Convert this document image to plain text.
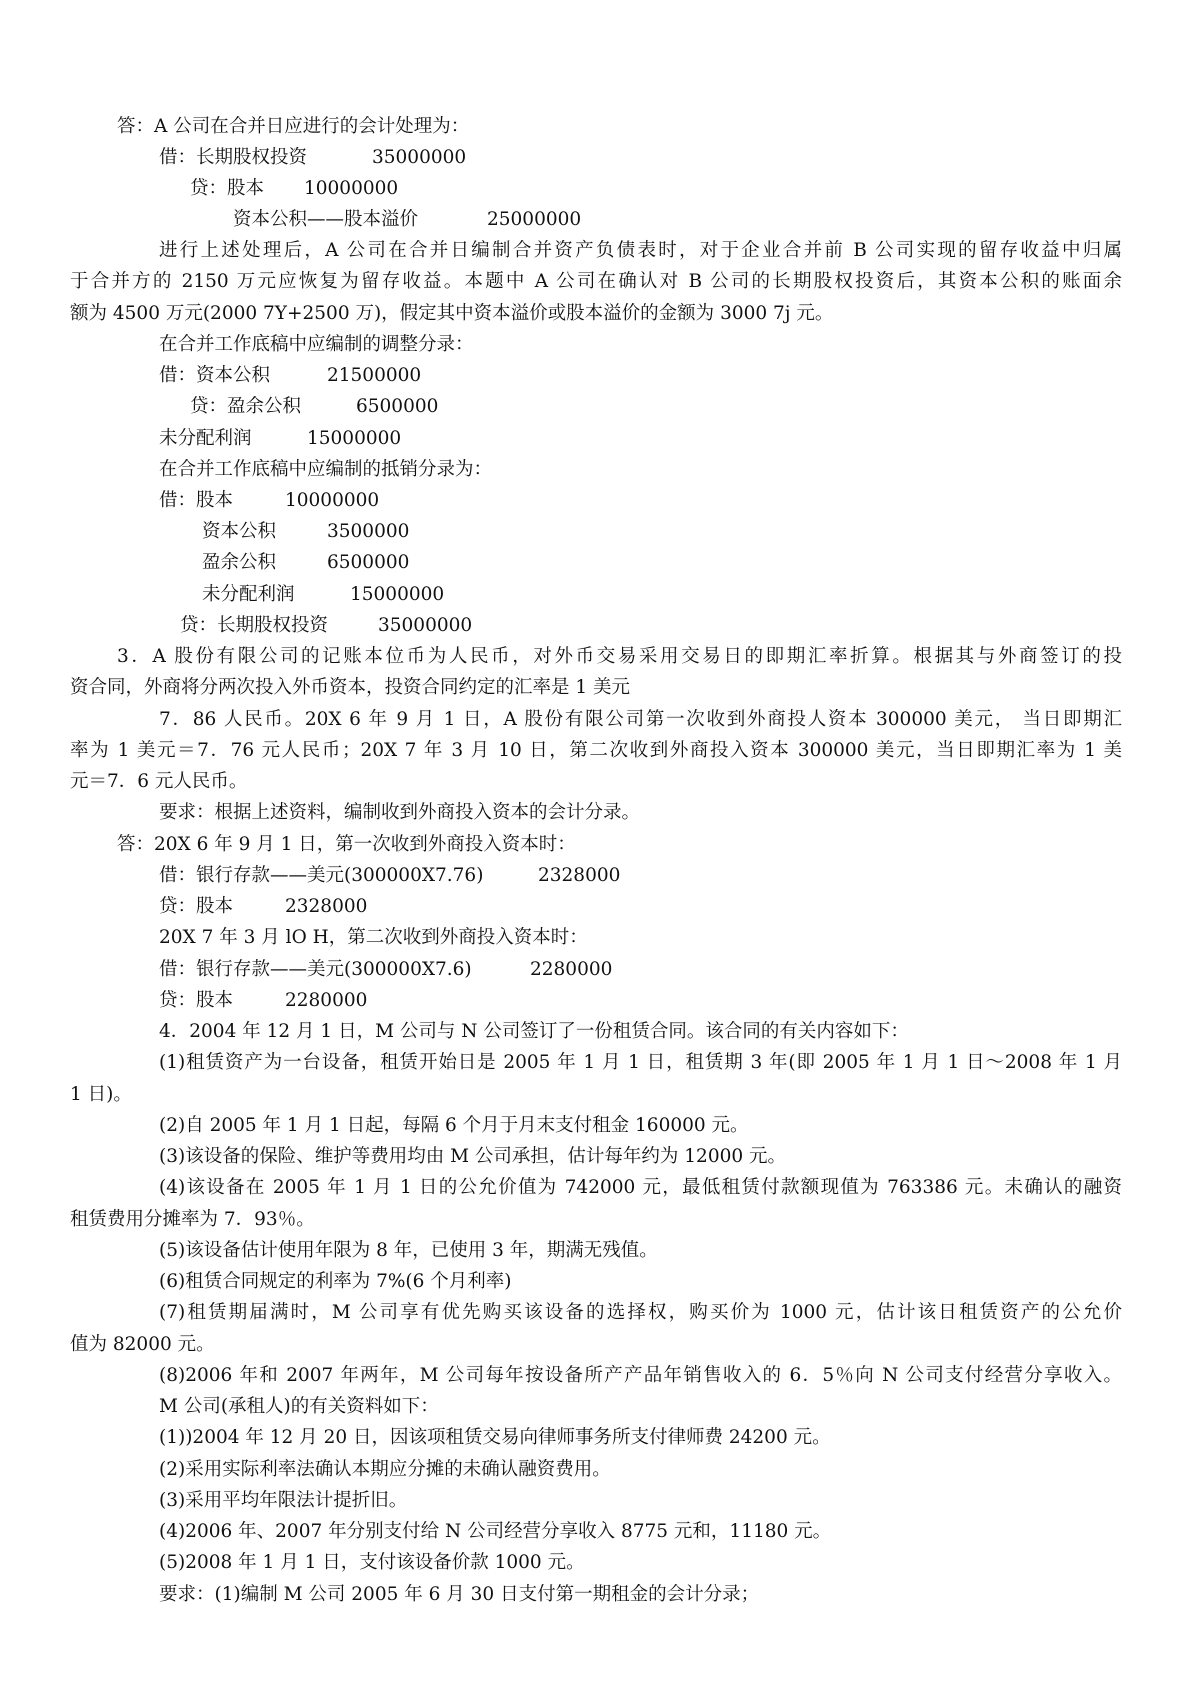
答：A 公司在合并日应进行的会计处理为：
借：长期股权投资	35000000
贷：股本 10000000
资本公积——股本溢价	25000000
进行上述处理后，A 公司在合并日编制合并资产负债表时，对于企业合并前 B 公司实现的留存收益中归属
于合并方的 2150 万元应恢复为留存收益。本题中 A 公司在确认对 B 公司的长期股权投资后，其资本公积的账面余
额为 4500 万元(2000 7Y+2500 万)，假定其中资本溢价或股本溢价的金额为 3000 7j 元。
在合并工作底稿中应编制的调整分录：
借：资本公积	21500000
贷：盈余公积	6500000
未分配利润	15000000
在合并工作底稿中应编制的抵销分录为：
借：股本	10000000
资本公积	3500000
盈余公积	6500000
未分配利润	15000000
贷：长期股权投资	35000000
3．A 股份有限公司的记账本位币为人民币，对外币交易采用交易日的即期汇率折算。根据其与外商签订的投
资合同，外商将分两次投入外币资本，投资合同约定的汇率是 1 美元
7．86 人民币。20X 6 年 9 月 1 日，A 股份有限公司第一次收到外商投人资本 300000 美元， 当日即期汇
率为 1 美元＝7．76 元人民币；20X 7 年 3 月 10 日，第二次收到外商投入资本 300000 美元，当日即期汇率为 1 美
元＝7．6 元人民币。
要求：根据上述资料，编制收到外商投入资本的会计分录。
答：20X 6 年 9 月 1 日，第一次收到外商投入资本时：
借：银行存款——美元(300000X7.76)	2328000
贷：股本	2328000
20X 7 年 3 月 lO H，第二次收到外商投入资本时：
借：银行存款——美元(300000X7.6)	2280000
贷：股本	2280000
4．2004 年 12 月 1 日，M 公司与 N 公司签订了一份租赁合同。该合同的有关内容如下：
(1)租赁资产为一台设备，租赁开始日是 2005 年 1 月 1 日，租赁期 3 年(即 2005 年 1 月 1 日～2008 年 1 月
1 日)。
(2)自 2005 年 1 月 1 日起，每隔 6 个月于月末支付租金 160000 元。
(3)该设备的保险、维护等费用均由 M 公司承担，估计每年约为 12000 元。
(4)该设备在 2005 年 1 月 1 日的公允价值为 742000 元，最低租赁付款额现值为 763386 元。未确认的融资
租赁费用分摊率为 7．93％。
(5)该设备估计使用年限为 8 年，已使用 3 年，期满无残值。
(6)租赁合同规定的利率为 7%(6 个月利率)
(7)租赁期届满时，M 公司享有优先购买该设备的选择权，购买价为 1000 元，估计该日租赁资产的公允价
值为 82000 元。
(8)2006 年和 2007 年两年，M 公司每年按设备所产产品年销售收入的 6．5％向 N 公司支付经营分享收入。
M 公司(承租人)的有关资料如下：
(1))2004 年 12 月 20 日，因该项租赁交易向律师事务所支付律师费 24200 元。
(2)采用实际利率法确认本期应分摊的未确认融资费用。
(3)采用平均年限法计提折旧。
(4)2006 年、2007 年分别支付给 N 公司经营分享收入 8775 元和，11180 元。
(5)2008 年 1 月 1 日，支付该设备价款 1000 元。
要求：(1)编制 M 公司 2005 年 6 月 30 日支付第一期租金的会计分录；
